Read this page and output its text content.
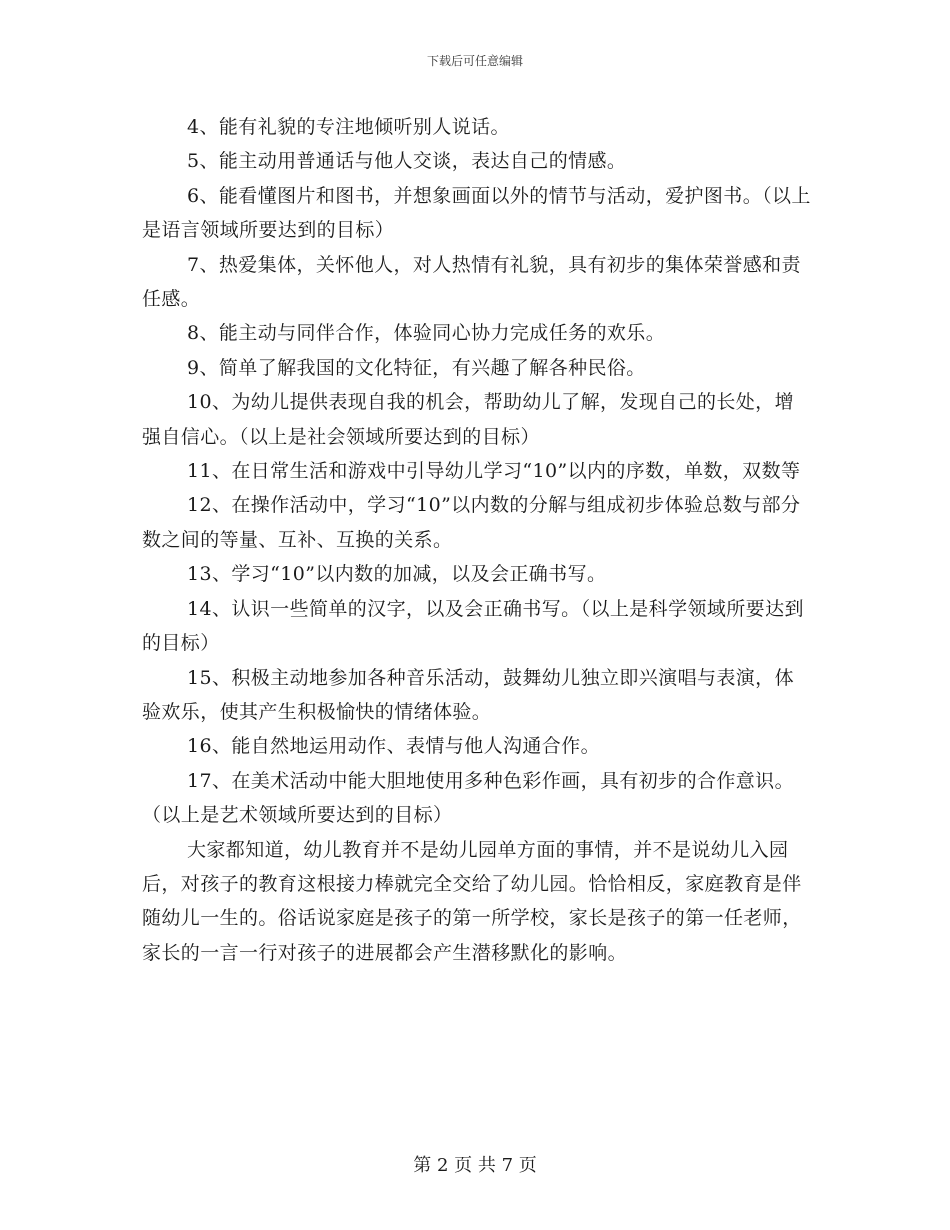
下载后可任意编辑

4、能有礼貌的专注地倾听别人说话。

5、能主动用普通话与他人交谈，表达自己的情感。

6、能看懂图片和图书，并想象画面以外的情节与活动，爱护图书。（以上是语言领域所要达到的目标）

7、热爱集体，关怀他人，对人热情有礼貌，具有初步的集体荣誉感和责任感。

8、能主动与同伴合作，体验同心协力完成任务的欢乐。

9、简单了解我国的文化特征，有兴趣了解各种民俗。

10、为幼儿提供表现自我的机会，帮助幼儿了解，发现自己的长处，增强自信心。（以上是社会领域所要达到的目标）

11、在日常生活和游戏中引导幼儿学习“10”以内的序数，单数，双数等

12、在操作活动中，学习“10”以内数的分解与组成初步体验总数与部分数之间的等量、互补、互换的关系。

13、学习“10”以内数的加减，以及会正确书写。

14、认识一些简单的汉字，以及会正确书写。（以上是科学领域所要达到的目标）

15、积极主动地参加各种音乐活动，鼓舞幼儿独立即兴演唱与表演，体验欢乐，使其产生积极愉快的情绪体验。

16、能自然地运用动作、表情与他人沟通合作。

17、在美术活动中能大胆地使用多种色彩作画，具有初步的合作意识。（以上是艺术领域所要达到的目标）

大家都知道，幼儿教育并不是幼儿园单方面的事情，并不是说幼儿入园后，对孩子的教育这根接力棒就完全交给了幼儿园。恰恰相反，家庭教育是伴随幼儿一生的。俗话说家庭是孩子的第一所学校，家长是孩子的第一任老师，家长的一言一行对孩子的进展都会产生潜移默化的影响。

第 2 页 共 7 页
